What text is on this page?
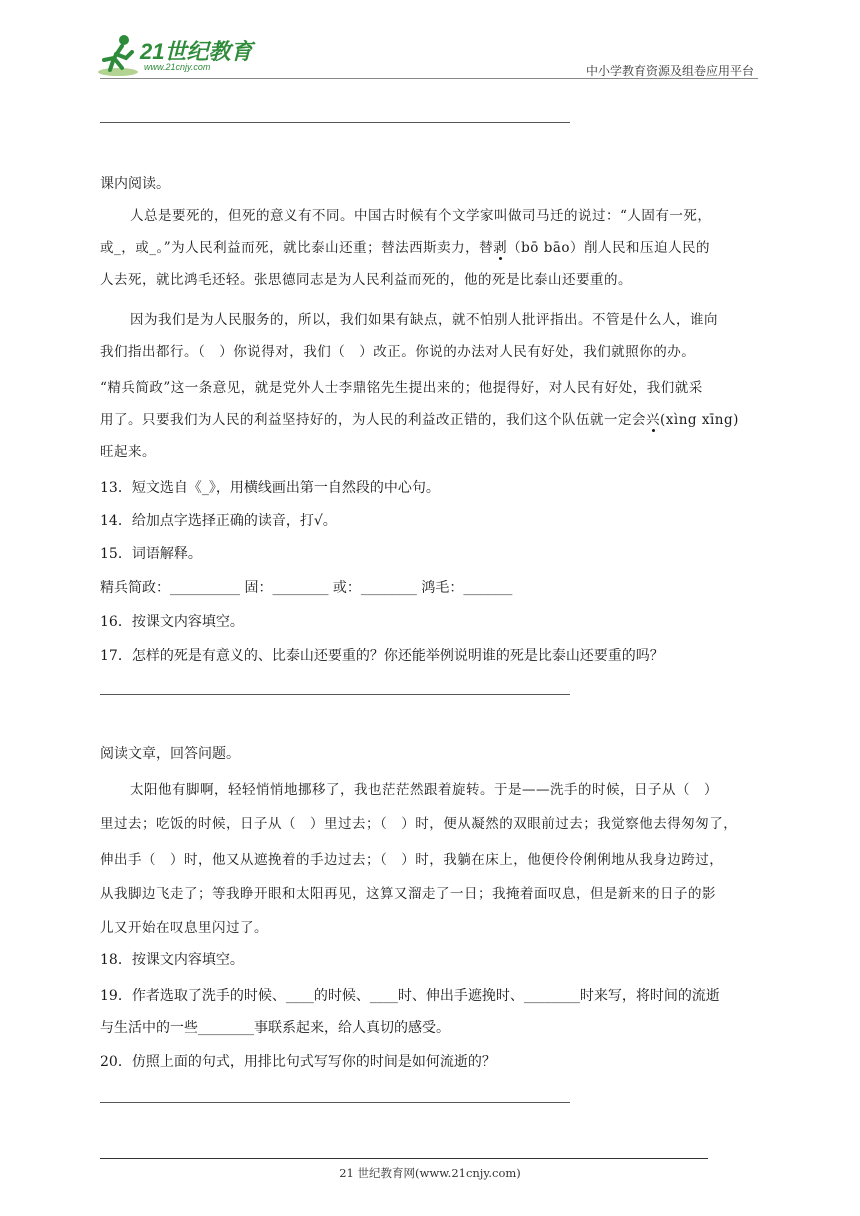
21世纪教育
www.21cnjy.com	中小学教育资源及组卷应用平台
课内阅读。
人总是要死的，但死的意义有不同。中国古时候有个文学家叫做司马迁的说过：“人固有一死，
或_，或_。”为人民利益而死，就比泰山还重；替法西斯卖力，替剥（bō bāo）削人民和压迫人民的
人去死，就比鸿毛还轻。张思德同志是为人民利益而死的，他的死是比泰山还要重的。
因为我们是为人民服务的，所以，我们如果有缺点，就不怕别人批评指出。不管是什么人，谁向
我们指出都行。（　）你说得对，我们（　）改正。你说的办法对人民有好处，我们就照你的办。
“精兵简政”这一条意见，就是党外人士李鼎铭先生提出来的；他提得好，对人民有好处，我们就采
用了。只要我们为人民的利益坚持好的，为人民的利益改正错的，我们这个队伍就一定会兴(xìng xīng)
旺起来。
13．短文选自《_》，用横线画出第一自然段的中心句。
14．给加点字选择正确的读音，打√。
15．词语解释。
精兵简政：__________ 固：________ 或：________ 鸿毛：_______
16．按课文内容填空。
17．怎样的死是有意义的、比泰山还要重的？你还能举例说明谁的死是比泰山还要重的吗？
阅读文章，回答问题。
太阳他有脚啊，轻轻悄悄地挪移了，我也茫茫然跟着旋转。于是——洗手的时候，日子从（　）
里过去；吃饭的时候，日子从（　）里过去；（　）时，便从凝然的双眼前过去；我觉察他去得匆匆了，
伸出手（　）时，他又从遮挽着的手边过去；（　）时，我躺在床上，他便伶伶俐俐地从我身边跨过，
从我脚边飞走了；等我睁开眼和太阳再见，这算又溜走了一日；我掩着面叹息，但是新来的日子的影
儿又开始在叹息里闪过了。
18．按课文内容填空。
19．作者选取了洗手的时候、____的时候、____时、伸出手遮挽时、________时来写，将时间的流逝
与生活中的一些________事联系起来，给人真切的感受。
20．仿照上面的句式，用排比句式写写你的时间是如何流逝的？
21 世纪教育网(www.21cnjy.com)
